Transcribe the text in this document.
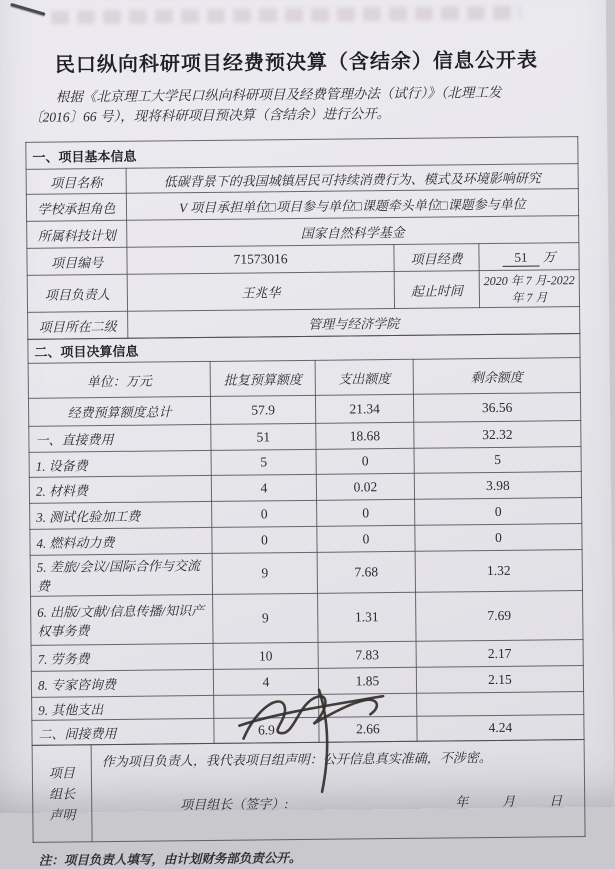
民口纵向科研项目经费预决算（含结余）信息公开表

根据《北京理工大学民口纵向科研项目及经费管理办法（试行）》（北理工发
〔2016〕66 号），现将科研项目预决算（含结余）进行公开。

一、项目基本信息			
项目名称	低碳背景下的我国城镇居民可持续消费行为、模式及环境影响研究		
学校承担角色	V 项目承担单位□项目参与单位□课题牵头单位□课题参与单位		
所属科技计划	国家自然科学基金		
项目编号	71573016	项目经费	51 万
项目负责人	王兆华	起止时间	2020 年 7 月-2022 年 7 月
项目所在二级	管理与经济学院		
二、项目决算信息			
单位：万元	批复预算额度	支出额度	剩余额度
经费预算额度总计	57.9	21.34	36.56
一、直接费用	51	18.68	32.32
1. 设备费	5	0	5
2. 材料费	4	0.02	3.98
3. 测试化验加工费	0	0	0
4. 燃料动力费	0	0	0
5. 差旅/会议/国际合作与交流费	9	7.68	1.32
6. 出版/文献/信息传播/知识产权事务费	9	1.31	7.69
7. 劳务费	10	7.83	2.17
8. 专家咨询费	4	1.85	2.15
9. 其他支出			
二、间接费用	6.9	2.66	4.24
项目
组长
声明

作为项目负责人，我代表项目组声明：公开信息真实准确，不涉密。
项目组长（签字）:	年	月	日

注：项目负责人填写，由计划财务部负责公开。
